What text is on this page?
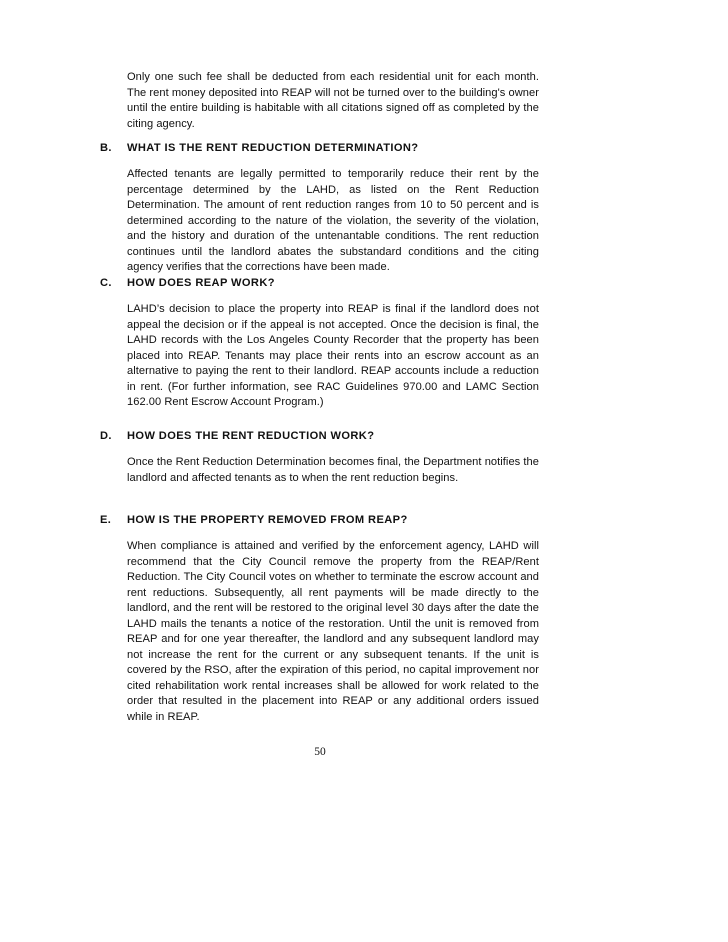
Only one such fee shall be deducted from each residential unit for each month. The rent money deposited into REAP will not be turned over to the building's owner until the entire building is habitable with all citations signed off as completed by the citing agency.

B. WHAT IS THE RENT REDUCTION DETERMINATION?

Affected tenants are legally permitted to temporarily reduce their rent by the percentage determined by the LAHD, as listed on the Rent Reduction Determination. The amount of rent reduction ranges from 10 to 50 percent and is determined according to the nature of the violation, the severity of the violation, and the history and duration of the untenantable conditions. The rent reduction continues until the landlord abates the substandard conditions and the citing agency verifies that the corrections have been made.

C. HOW DOES REAP WORK?

LAHD’s decision to place the property into REAP is final if the landlord does not appeal the decision or if the appeal is not accepted. Once the decision is final, the LAHD records with the Los Angeles County Recorder that the property has been placed into REAP. Tenants may place their rents into an escrow account as an alternative to paying the rent to their landlord. REAP accounts include a reduction in rent. (For further information, see RAC Guidelines 970.00 and LAMC Section 162.00 Rent Escrow Account Program.)

D. HOW DOES THE RENT REDUCTION WORK?

Once the Rent Reduction Determination becomes final, the Department notifies the landlord and affected tenants as to when the rent reduction begins.

E. HOW IS THE PROPERTY REMOVED FROM REAP?

When compliance is attained and verified by the enforcement agency, LAHD will recommend that the City Council remove the property from the REAP/Rent Reduction. The City Council votes on whether to terminate the escrow account and rent reductions. Subsequently, all rent payments will be made directly to the landlord, and the rent will be restored to the original level 30 days after the date the LAHD mails the tenants a notice of the restoration. Until the unit is removed from REAP and for one year thereafter, the landlord and any subsequent landlord may not increase the rent for the current or any subsequent tenants. If the unit is covered by the RSO, after the expiration of this period, no capital improvement nor cited rehabilitation work rental increases shall be allowed for work related to the order that resulted in the placement into REAP or any additional orders issued while in REAP.

50
